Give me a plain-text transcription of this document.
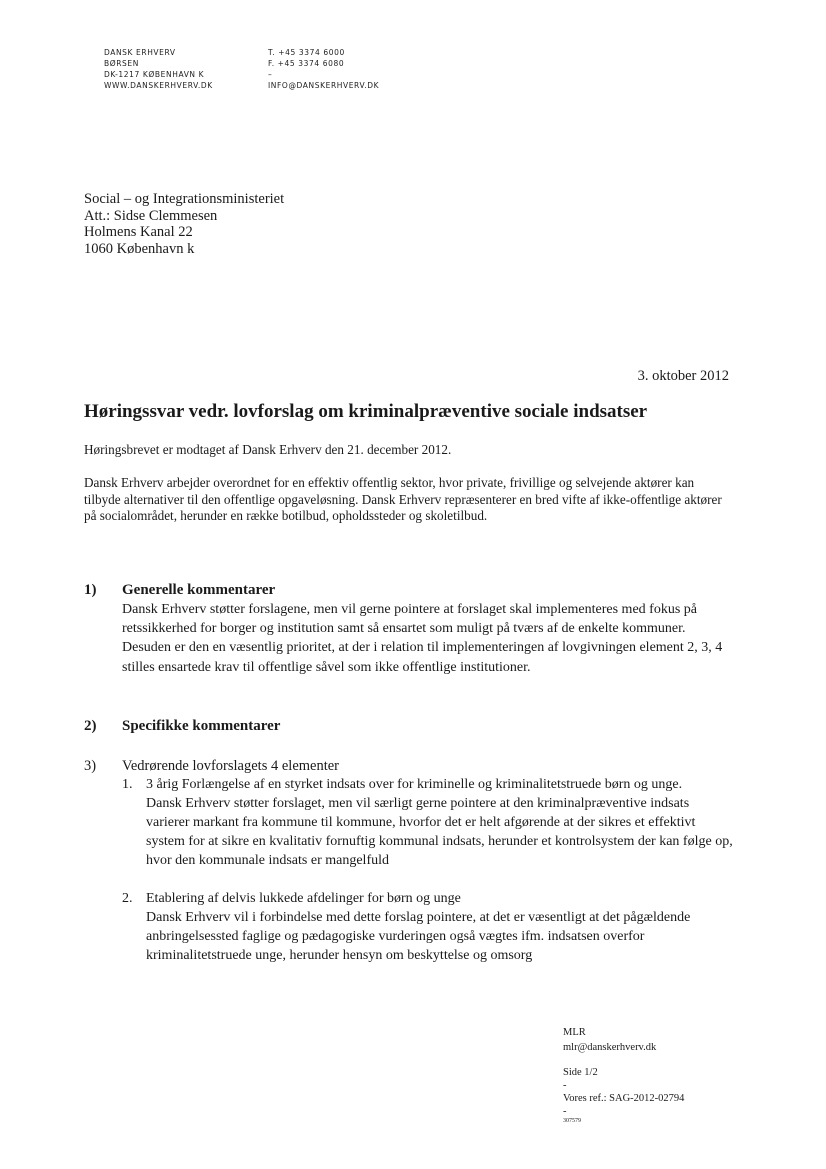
DANSK ERHVERV
BØRSEN
DK-1217 KØBENHAVN K
WWW.DANSKERHVERV.DK
T. +45 3374 6000
F. +45 3374 6080
–
INFO@DANSKERHVERV.DK
Social – og Integrationsministeriet
Att.: Sidse Clemmesen
Holmens Kanal 22
1060 København k
3. oktober 2012
Høringssvar vedr. lovforslag om kriminalpræventive sociale indsatser

Høringsbrevet er modtaget af Dansk Erhverv den 21. december 2012.

Dansk Erhverv arbejder overordnet for en effektiv offentlig sektor, hvor private, frivillige og selvejende aktører kan tilbyde alternativer til den offentlige opgaveløsning. Dansk Erhverv repræsenterer en bred vifte af ikke-offentlige aktører på socialområdet, herunder en række botilbud, opholdssteder og skoletilbud.

1) Generelle kommentarer
Dansk Erhverv støtter forslagene, men vil gerne pointere at forslaget skal implementeres med fokus på retssikkerhed for borger og institution samt så ensartet som muligt på tværs af de enkelte kommuner. Desuden er den en væsentlig prioritet, at der i relation til implementeringen af lovgivningen element 2, 3, 4 stilles ensartede krav til offentlige såvel som ikke offentlige institutioner.
2) Specifikke kommentarer
3) Vedrørende lovforslagets 4 elementer
1. 3 årig Forlængelse af en styrket indsats over for kriminelle og kriminalitetstruede børn og unge.
Dansk Erhverv støtter forslaget, men vil særligt gerne pointere at den kriminalpræventive indsats varierer markant fra kommune til kommune, hvorfor det er helt afgørende at der sikres et effektivt system for at sikre en kvalitativ fornuftig kommunal indsats, herunder et kontrolsystem der kan følge op, hvor den kommunale indsats er mangelfuld
2. Etablering af delvis lukkede afdelinger for børn og unge
Dansk Erhverv vil i forbindelse med dette forslag pointere, at det er væsentligt at det pågældende anbringelsessted faglige og pædagogiske vurderingen også vægtes ifm. indsatsen overfor kriminalitetstruede unge, herunder hensyn om beskyttelse og omsorg
MLR
mlr@danskerhverv.dk
Side 1/2
-
Vores ref.: SAG-2012-02794
-
307579
